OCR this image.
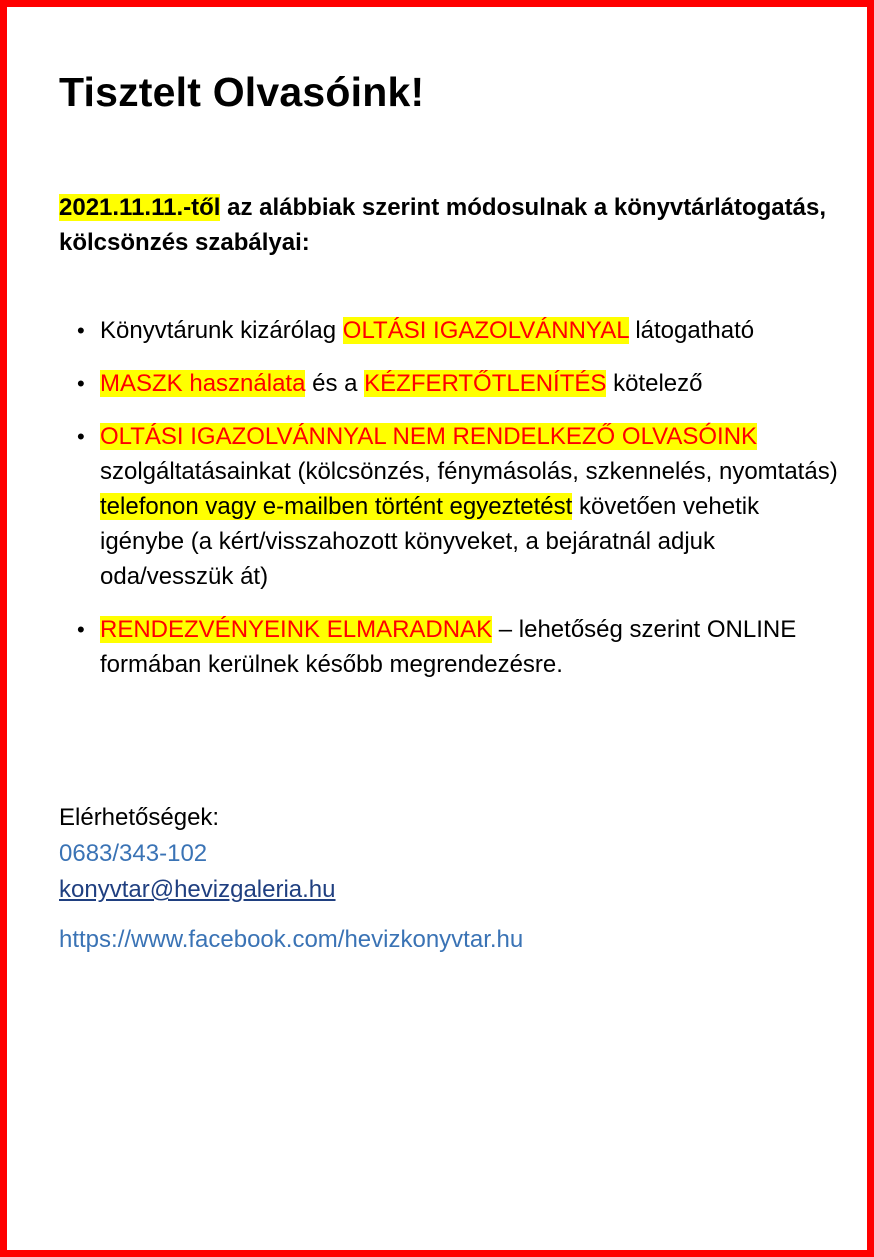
Tisztelt Olvasóink!

2021.11.11.-től az alábbiak szerint módosulnak a könyvtárlátogatás, kölcsönzés szabályai:

• Könyvtárunk kizárólag OLTÁSI IGAZOLVÁNNYAL látogatható
• MASZK használata és a KÉZFERTŐTLENÍTÉS kötelező
• OLTÁSI IGAZOLVÁNNYAL NEM RENDELKEZŐ OLVASÓINK szolgáltatásainkat (kölcsönzés, fénymásolás, szkennelés, nyomtatás) telefonon vagy e-mailben történt egyeztetést követően vehetik igénybe (a kért/visszahozott könyveket, a bejáratnál adjuk oda/vesszük át)
• RENDEZVÉNYEINK ELMARADNAK – lehetőség szerint ONLINE formában kerülnek később megrendezésre.
Elérhetőségek:
0683/343-102
konyvtar@hevizgaleria.hu
https://www.facebook.com/hevizkonyvtar.hu
